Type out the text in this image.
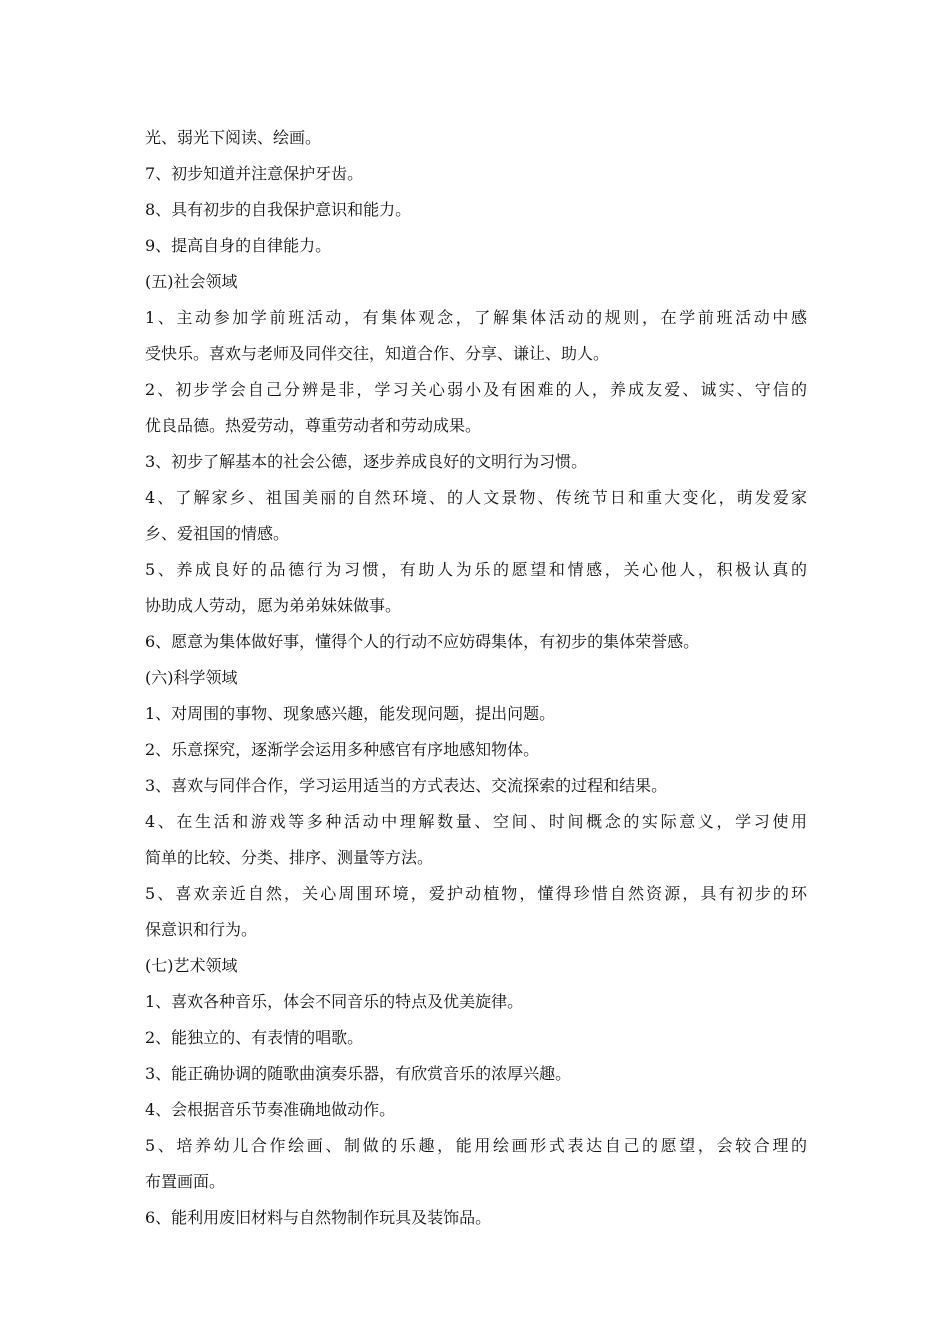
光、弱光下阅读、绘画。
7、初步知道并注意保护牙齿。
8、具有初步的自我保护意识和能力。
9、提高自身的自律能力。
(五)社会领域
1、主动参加学前班活动，有集体观念，了解集体活动的规则，在学前班活动中感
受快乐。喜欢与老师及同伴交往，知道合作、分享、谦让、助人。
2、初步学会自己分辨是非，学习关心弱小及有困难的人，养成友爱、诚实、守信的
优良品德。热爱劳动，尊重劳动者和劳动成果。
3、初步了解基本的社会公德，逐步养成良好的文明行为习惯。
4、了解家乡、祖国美丽的自然环境、的人文景物、传统节日和重大变化，萌发爱家
乡、爱祖国的情感。
5、养成良好的品德行为习惯，有助人为乐的愿望和情感，关心他人，积极认真的
协助成人劳动，愿为弟弟妹妹做事。
6、愿意为集体做好事，懂得个人的行动不应妨碍集体，有初步的集体荣誉感。
(六)科学领域
1、对周围的事物、现象感兴趣，能发现问题，提出问题。
2、乐意探究，逐渐学会运用多种感官有序地感知物体。
3、喜欢与同伴合作，学习运用适当的方式表达、交流探索的过程和结果。
4、在生活和游戏等多种活动中理解数量、空间、时间概念的实际意义，学习使用
简单的比较、分类、排序、测量等方法。
5、喜欢亲近自然，关心周围环境，爱护动植物，懂得珍惜自然资源，具有初步的环
保意识和行为。
(七)艺术领域
1、喜欢各种音乐，体会不同音乐的特点及优美旋律。
2、能独立的、有表情的唱歌。
3、能正确协调的随歌曲演奏乐器，有欣赏音乐的浓厚兴趣。
4、会根据音乐节奏准确地做动作。
5、培养幼儿合作绘画、制做的乐趣，能用绘画形式表达自己的愿望，会较合理的
布置画面。
6、能利用废旧材料与自然物制作玩具及装饰品。
